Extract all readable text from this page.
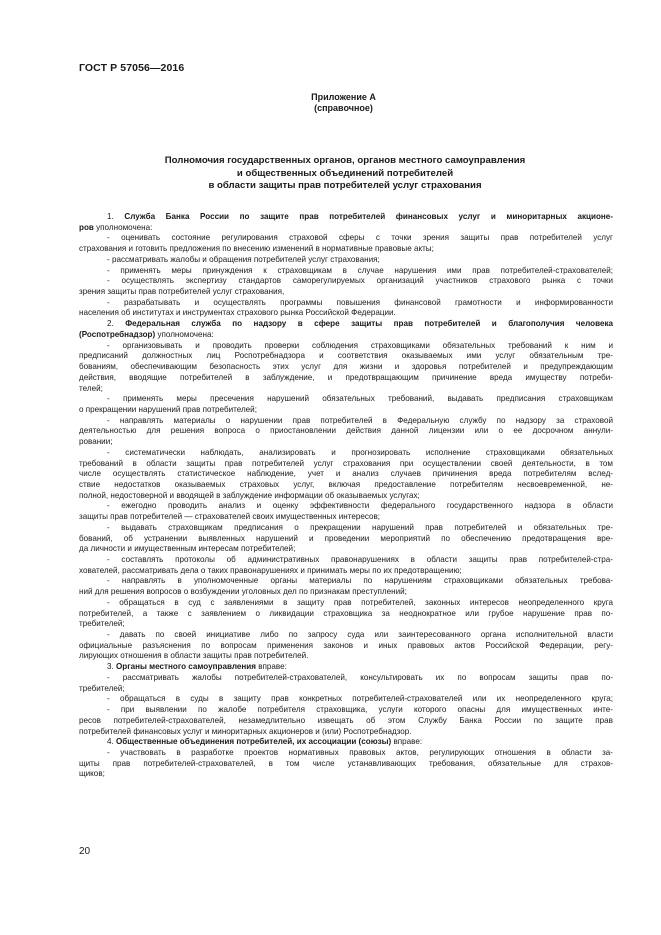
ГОСТ Р 57056—2016
Приложение А
(справочное)
Полномочия государственных органов, органов местного самоуправления
и общественных объединений потребителей
в области защиты прав потребителей услуг страхования
1. Служба Банка России по защите прав потребителей финансовых услуг и миноритарных акционе-
ров уполномочена:
- оценивать состояние регулирования страховой сферы с точки зрения защиты прав потребителей услуг
страхования и готовить предложения по внесению изменений в нормативные правовые акты;
- рассматривать жалобы и обращения потребителей услуг страхования;
- применять меры принуждения к страховщикам в случае нарушения ими прав потребителей-страхователей;
- осуществлять экспертизу стандартов саморегулируемых организаций участников страхового рынка с точки
зрения защиты прав потребителей услуг страхования,
- разрабатывать и осуществлять программы повышения финансовой грамотности и информированности
населения об институтах и инструментах страхового рынка Российской Федерации.
2. Федеральная служба по надзору в сфере защиты прав потребителей и благополучия человека
(Роспотребнадзор) уполномочена:
- организовывать и проводить проверки соблюдения страховщиками обязательных требований к ним и
предписаний должностных лиц Роспотребнадзора и соответствия оказываемых ими услуг обязательным тре-
бованиям, обеспечивающим безопасность этих услуг для жизни и здоровья потребителей и предупреждающим
действия, вводящие потребителей в заблуждение, и предотвращающим причинение вреда имуществу потреби-
телей;
- применять меры пресечения нарушений обязательных требований, выдавать предписания страховщикам
о прекращении нарушений прав потребителей;
- направлять материалы о нарушении прав потребителей в Федеральную службу по надзору за страховой
деятельностью для решения вопроса о приостановлении действия данной лицензии или о ее досрочном аннули-
ровании;
- систематически наблюдать, анализировать и прогнозировать исполнение страховщиками обязательных
требований в области защиты прав потребителей услуг страхования при осуществлении своей деятельности, в том
числе осуществлять статистическое наблюдение, учет и анализ случаев причинения вреда потребителям вслед-
ствие недостатков оказываемых страховых услуг, включая предоставление потребителям несвоевременной, не-
полной, недостоверной и вводящей в заблуждение информации об оказываемых услугах;
- ежегодно проводить анализ и оценку эффективности федерального государственного надзора в области
защиты прав потребителей — страхователей своих имущественных интересов;
- выдавать страховщикам предписания о прекращении нарушений прав потребителей и обязательных тре-
бований, об устранении выявленных нарушений и проведении мероприятий по обеспечению предотвращения вре-
да личности и имущественным интересам потребителей;
- составлять протоколы об административных правонарушениях в области защиты прав потребителей-стра-
хователей, рассматривать дела о таких правонарушениях и принимать меры по их предотвращению;
- направлять в уполномоченные органы материалы по нарушениям страховщиками обязательных требова-
ний для решения вопросов о возбуждении уголовных дел по признакам преступлений;
- обращаться в суд с заявлениями в защиту прав потребителей, законных интересов неопределенного круга
потребителей, а также с заявлением о ликвидации страховщика за неоднократное или грубое нарушение прав по-
требителей;
- давать по своей инициативе либо по запросу суда или заинтересованного органа исполнительной власти
официальные разъяснения по вопросам применения законов и иных правовых актов Российской Федерации, регу-
лирующих отношения в области защиты прав потребителей.
3. Органы местного самоуправления вправе:
- рассматривать жалобы потребителей-страхователей, консультировать их по вопросам защиты прав по-
требителей;
- обращаться в суды в защиту прав конкретных потребителей-страхователей или их неопределенного круга;
- при выявлении по жалобе потребителя страховщика, услуги которого опасны для имущественных инте-
ресов потребителей-страхователей, незамедлительно извещать об этом Службу Банка России по защите прав
потребителей финансовых услуг и миноритарных акционеров и (или) Роспотребнадзор.
4. Общественные объединения потребителей, их ассоциации (союзы) вправе:
- участвовать в разработке проектов нормативных правовых актов, регулирующих отношения в области за-
щиты прав потребителей-страхователей, в том числе устанавливающих требования, обязательные для страхов-
щиков;
20
